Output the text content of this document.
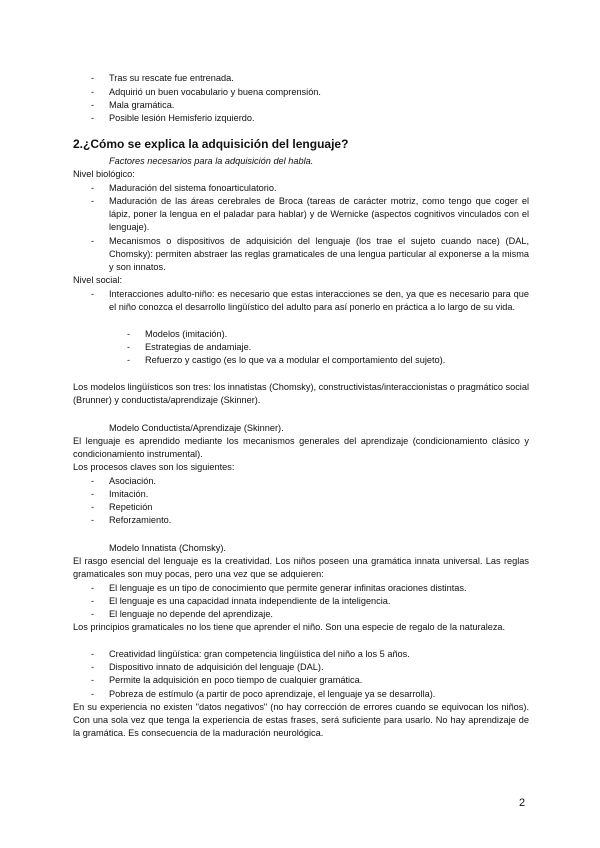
- Tras su rescate fue entrenada.
- Adquirió un buen vocabulario y buena comprensión.
- Mala gramática.
- Posible lesión Hemisferio izquierdo.
2.¿Cómo se explica la adquisición del lenguaje?
Factores necesarios para la adquisición del habla.
Nivel biológico:
- Maduración del sistema fonoarticulatorio.
- Maduración de las áreas cerebrales de Broca (tareas de carácter motriz, como tengo que coger el lápiz, poner la lengua en el paladar para hablar) y de Wernicke (aspectos cognitivos vinculados con el lenguaje).
- Mecanismos o dispositivos de adquisición del lenguaje (los trae el sujeto cuando nace) (DAL, Chomsky): permiten abstraer las reglas gramaticales de una lengua particular al exponerse a la misma y son innatos.
Nivel social:
- Interacciones adulto-niño: es necesario que estas interacciones se den, ya que es necesario para que el niño conozca el desarrollo lingüístico del adulto para así ponerlo en práctica a lo largo de su vida.
- Modelos (imitación).
- Estrategias de andamiaje.
- Refuerzo y castigo (es lo que va a modular el comportamiento del sujeto).
Los modelos lingüísticos son tres: los innatistas (Chomsky), constructivistas/interaccionistas o pragmático social (Brunner) y conductista/aprendizaje (Skinner).
Modelo Conductista/Aprendizaje (Skinner).
El lenguaje es aprendido mediante los mecanismos generales del aprendizaje (condicionamiento clásico y condicionamiento instrumental).
Los procesos claves son los siguientes:
- Asociación.
- Imitación.
- Repetición
- Reforzamiento.
Modelo Innatista (Chomsky).
El rasgo esencial del lenguaje es la creatividad. Los niños poseen una gramática innata universal. Las reglas gramaticales son muy pocas, pero una vez que se adquieren:
- El lenguaje es un tipo de conocimiento que permite generar infinitas oraciones distintas.
- El lenguaje es una capacidad innata independiente de la inteligencia.
- El lenguaje no depende del aprendizaje.
Los principios gramaticales no los tiene que aprender el niño. Son una especie de regalo de la naturaleza.
- Creatividad lingüística: gran competencia lingüística del niño a los 5 años.
- Dispositivo innato de adquisición del lenguaje (DAL).
- Permite la adquisición en poco tiempo de cualquier gramática.
- Pobreza de estímulo (a partir de poco aprendizaje, el lenguaje ya se desarrolla).
En su experiencia no existen "datos negativos" (no hay corrección de errores cuando se equivocan los niños). Con una sola vez que tenga la experiencia de estas frases, será suficiente para usarlo. No hay aprendizaje de la gramática. Es consecuencia de la maduración neurológica.
2
